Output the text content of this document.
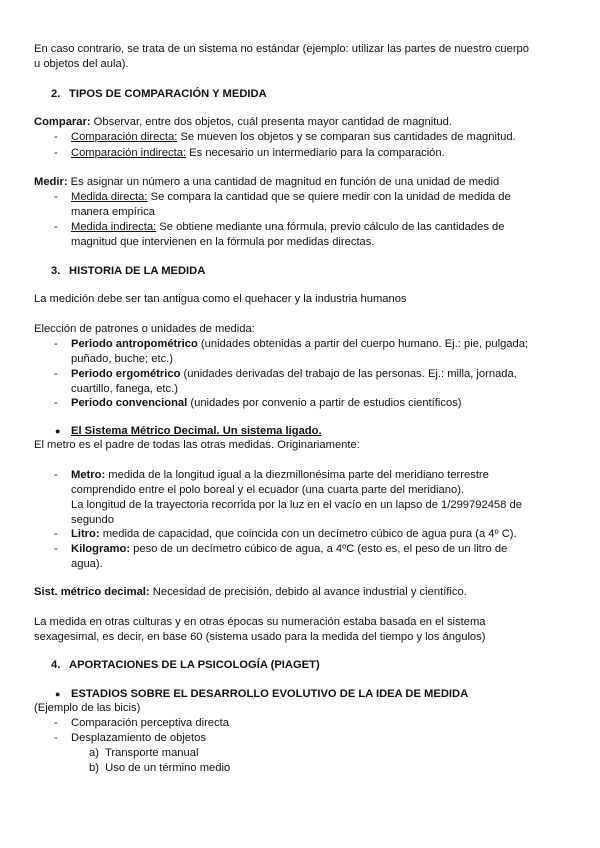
En caso contrario, se trata de un sistema no estándar (ejemplo: utilizar las partes de nuestro cuerpo
u objetos del aula).
2. TIPOS DE COMPARACIÓN Y MEDIDA
Comparar: Observar, entre dos objetos, cuál presenta mayor cantidad de magnitud.
- Comparación directa: Se mueven los objetos y se comparan sus cantidades de magnitud.
- Comparación indirecta: Es necesario un intermediario para la comparación.
Medir: Es asignar un número a una cantidad de magnitud en función de una unidad de medid
- Medida directa: Se compara la cantidad que se quiere medir con la unidad de medida de
manera empírica
- Medida indirecta: Se obtiene mediante una fórmula, previo cálculo de las cantidades de
magnitud que intervienen en la fórmula por medidas directas.
3. HISTORIA DE LA MEDIDA
La medición debe ser tan antigua como el quehacer y la industria humanos
Elección de patrones o unidades de medida:
- Periodo antropométrico (unidades obtenidas a partir del cuerpo humano. Ej.: pie, pulgada;
puñado, buche; etc.)
- Periodo ergométrico (unidades derivadas del trabajo de las personas. Ej.: milla, jornada,
cuartillo, fanega, etc.)
- Periodo convencional (unidades por convenio a partir de estudios científicos)
● El Sistema Métrico Decimal. Un sistema ligado.
El metro es el padre de todas las otras medidas. Originariamente:
- Metro: medida de la longitud igual a la diezmillonésima parte del meridiano terrestre
comprendido entre el polo boreal y el ecuador (una cuarta parte del meridiano).
La longitud de la trayectoria recorrida por la luz en el vacío en un lapso de 1/299792458 de
segundo
- Litro: medida de capacidad, que coincida con un decímetro cúbico de agua pura (a 4º C).
- Kilogramo: peso de un decímetro cúbico de agua, a 4ºC (esto es, el peso de un litro de
agua).
Sist. métrico decimal: Necesidad de precisión, debido al avance industrial y científico.
La medida en otras culturas y en otras épocas su numeración estaba basada en el sistema
sexagesimal, es decir, en base 60 (sistema usado para la medida del tiempo y los ángulos)
4. APORTACIONES DE LA PSICOLOGÍA (PIAGET)
● ESTADIOS SOBRE EL DESARROLLO EVOLUTIVO DE LA IDEA DE MEDIDA
(Ejemplo de las bicis)
- Comparación perceptiva directa
- Desplazamiento de objetos
a) Transporte manual
b) Uso de un término medio
